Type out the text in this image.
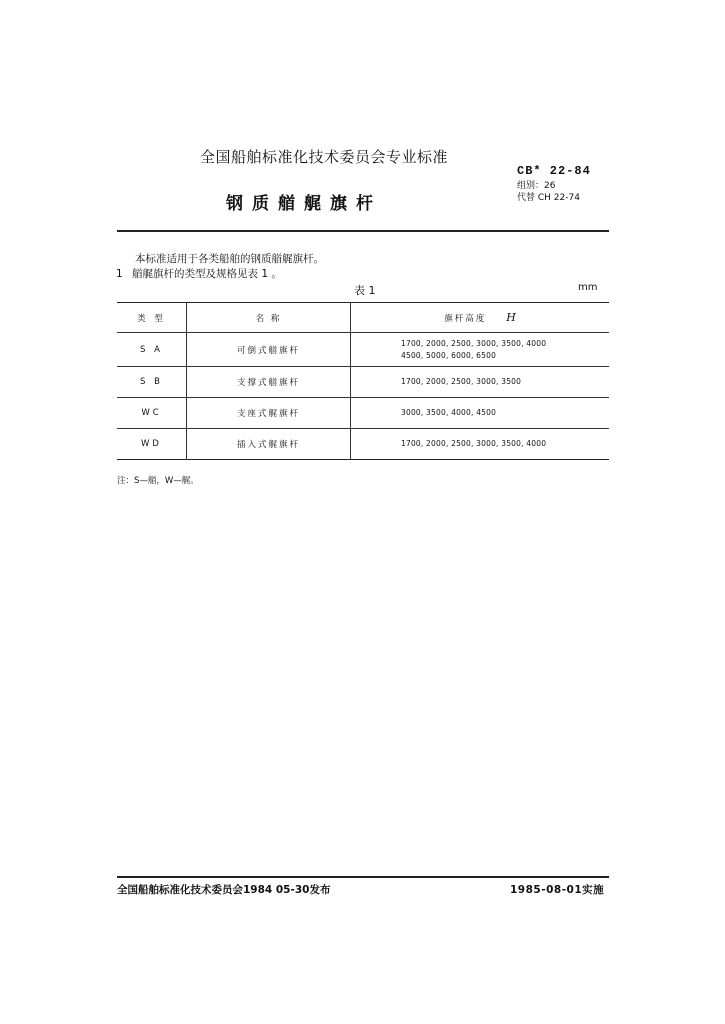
全国船舶标准化技术委员会专业标准
钢质艏艉旗杆
CB* 22-84
组别：26
代替 CH 22-74
本标准适用于各类船舶的钢质艏艉旗杆。
1 艏艉旗杆的类型及规格见表 1 。
表 1	mm
类 型	名 称	旗杆高度 H
S A	可倒式艏旗杆	1700, 2000, 2500, 3000, 3500, 4000
4500, 5000, 6000, 6500

S B	支撑式艏旗杆	1700, 2000, 2500, 3000, 3500

WC	支座式艉旗杆	3000, 3500, 4000, 4500

WD	插入式艉旗杆	1700, 2000, 2500, 3000, 3500, 4000
注：S—艏，W—艉。
全国船舶标准化技术委员会1984 05-30发布	1985-08-01实施
